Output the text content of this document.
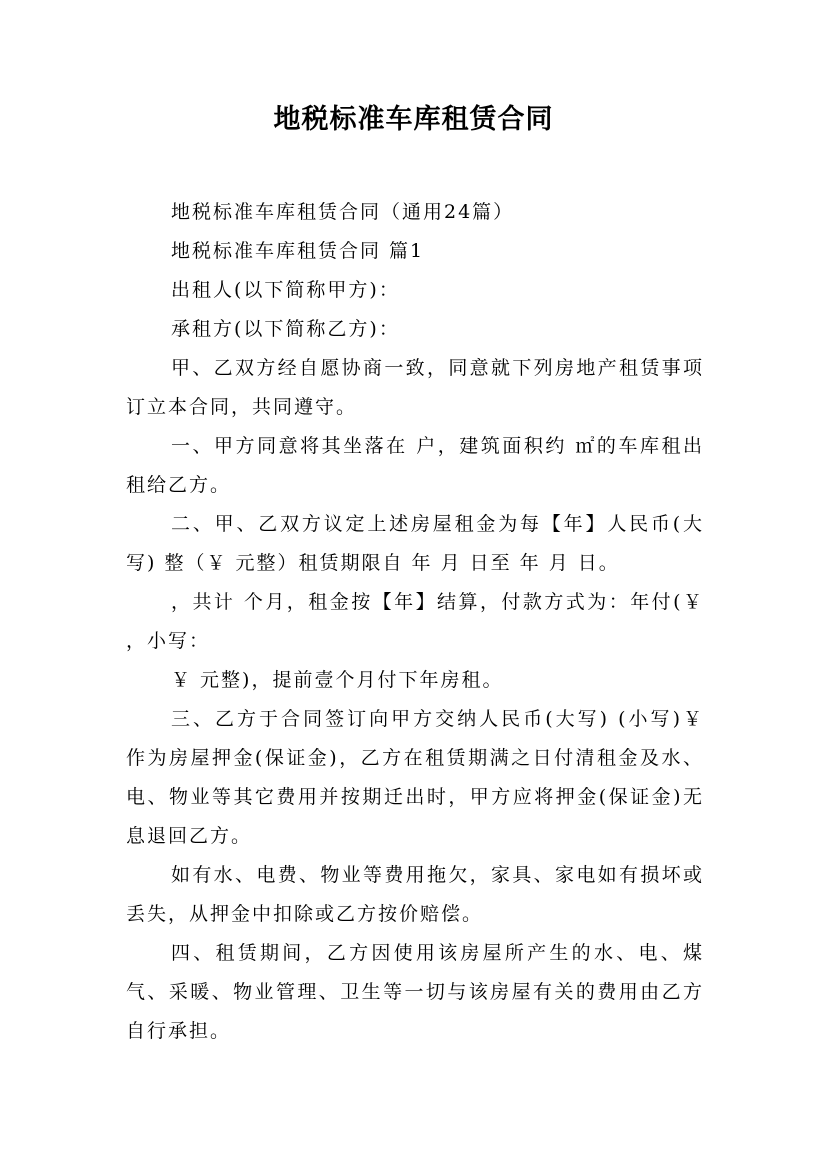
地税标准车库租赁合同

地税标准车库租赁合同（通用24篇）

地税标准车库租赁合同 篇1

出租人(以下简称甲方)：

承租方(以下简称乙方)：

甲、乙双方经自愿协商一致，同意就下列房地产租赁事项订立本合同，共同遵守。

一、甲方同意将其坐落在 户，建筑面积约 ㎡的车库租出租给乙方。

二、甲、乙双方议定上述房屋租金为每【年】人民币(大写) 整（￥ 元整）租赁期限自 年 月 日至 年 月 日。

，共计 个月，租金按【年】结算，付款方式为：年付(￥ ，小写：

￥ 元整)，提前壹个月付下年房租。

三、乙方于合同签订向甲方交纳人民币(大写) (小写)￥ 作为房屋押金(保证金)，乙方在租赁期满之日付清租金及水、电、物业等其它费用并按期迁出时，甲方应将押金(保证金)无息退回乙方。

如有水、电费、物业等费用拖欠，家具、家电如有损坏或丢失，从押金中扣除或乙方按价赔偿。

四、租赁期间，乙方因使用该房屋所产生的水、电、煤气、采暖、物业管理、卫生等一切与该房屋有关的费用由乙方自行承担。
